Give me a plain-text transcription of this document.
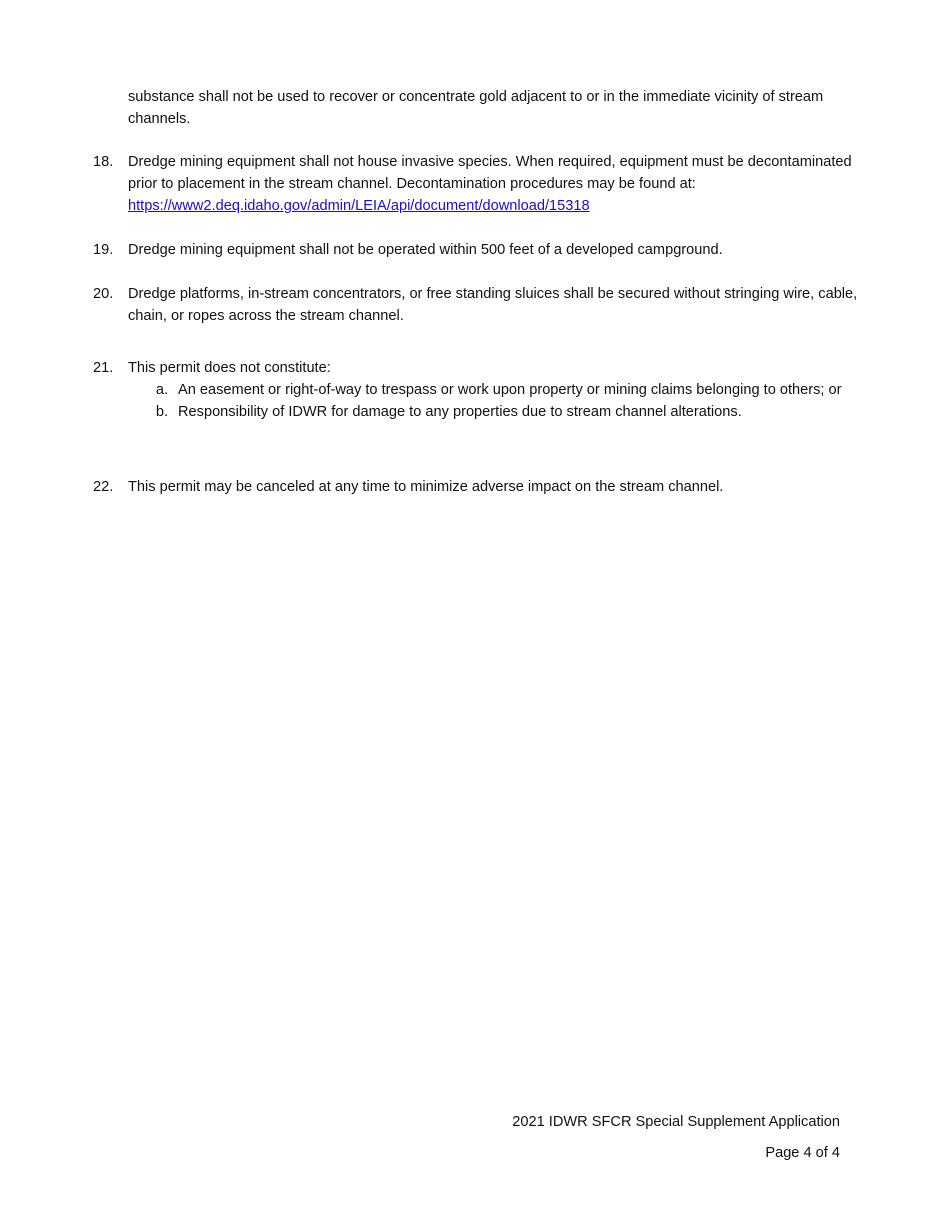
substance shall not be used to recover or concentrate gold adjacent to or in the immediate vicinity of stream channels.
18. Dredge mining equipment shall not house invasive species. When required, equipment must be decontaminated prior to placement in the stream channel. Decontamination procedures may be found at:
https://www2.deq.idaho.gov/admin/LEIA/api/document/download/15318
19. Dredge mining equipment shall not be operated within 500 feet of a developed campground.
20. Dredge platforms, in-stream concentrators, or free standing sluices shall be secured without stringing wire, cable, chain, or ropes across the stream channel.
21. This permit does not constitute:
a. An easement or right-of-way to trespass or work upon property or mining claims belonging to others; or
b. Responsibility of IDWR for damage to any properties due to stream channel alterations.
22. This permit may be canceled at any time to minimize adverse impact on the stream channel.
2021 IDWR SFCR Special Supplement Application
Page 4 of 4
